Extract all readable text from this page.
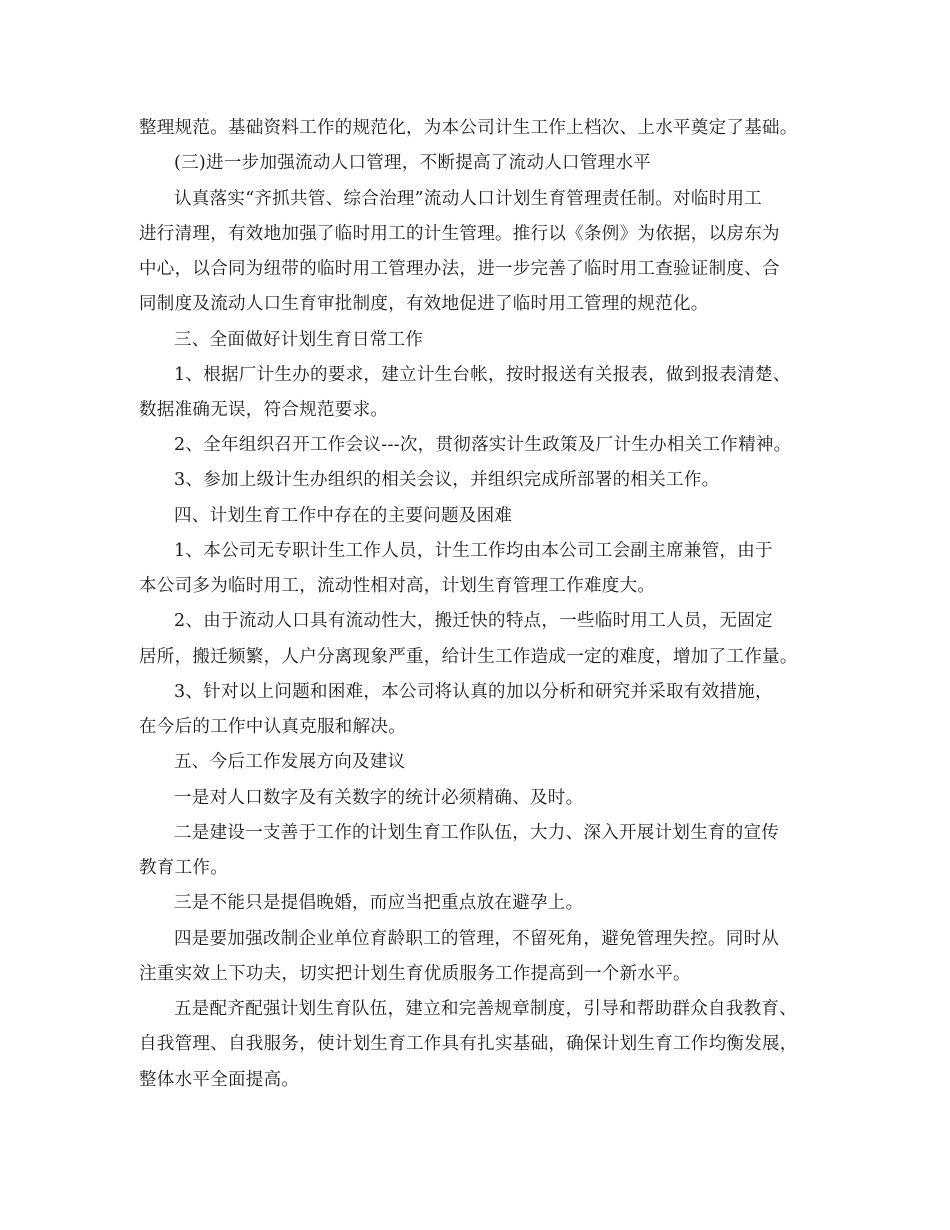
整理规范。基础资料工作的规范化，为本公司计生工作上档次、上水平奠定了基础。
(三)进一步加强流动人口管理，不断提高了流动人口管理水平
认真落实“齐抓共管、综合治理”流动人口计划生育管理责任制。对临时用工
进行清理，有效地加强了临时用工的计生管理。推行以《条例》为依据，以房东为
中心，以合同为纽带的临时用工管理办法，进一步完善了临时用工查验证制度、合
同制度及流动人口生育审批制度，有效地促进了临时用工管理的规范化。
三、全面做好计划生育日常工作
1、根据厂计生办的要求，建立计生台帐，按时报送有关报表，做到报表清楚、
数据准确无误，符合规范要求。
2、全年组织召开工作会议---次，贯彻落实计生政策及厂计生办相关工作精神。
3、参加上级计生办组织的相关会议，并组织完成所部署的相关工作。
四、计划生育工作中存在的主要问题及困难
1、本公司无专职计生工作人员，计生工作均由本公司工会副主席兼管，由于
本公司多为临时用工，流动性相对高，计划生育管理工作难度大。
2、由于流动人口具有流动性大，搬迁快的特点，一些临时用工人员，无固定
居所，搬迁频繁，人户分离现象严重，给计生工作造成一定的难度，增加了工作量。
3、针对以上问题和困难，本公司将认真的加以分析和研究并采取有效措施，
在今后的工作中认真克服和解决。
五、今后工作发展方向及建议
一是对人口数字及有关数字的统计必须精确、及时。
二是建设一支善于工作的计划生育工作队伍，大力、深入开展计划生育的宣传
教育工作。
三是不能只是提倡晚婚，而应当把重点放在避孕上。
四是要加强改制企业单位育龄职工的管理，不留死角，避免管理失控。同时从
注重实效上下功夫，切实把计划生育优质服务工作提高到一个新水平。
五是配齐配强计划生育队伍，建立和完善规章制度，引导和帮助群众自我教育、
自我管理、自我服务，使计划生育工作具有扎实基础，确保计划生育工作均衡发展，
整体水平全面提高。
